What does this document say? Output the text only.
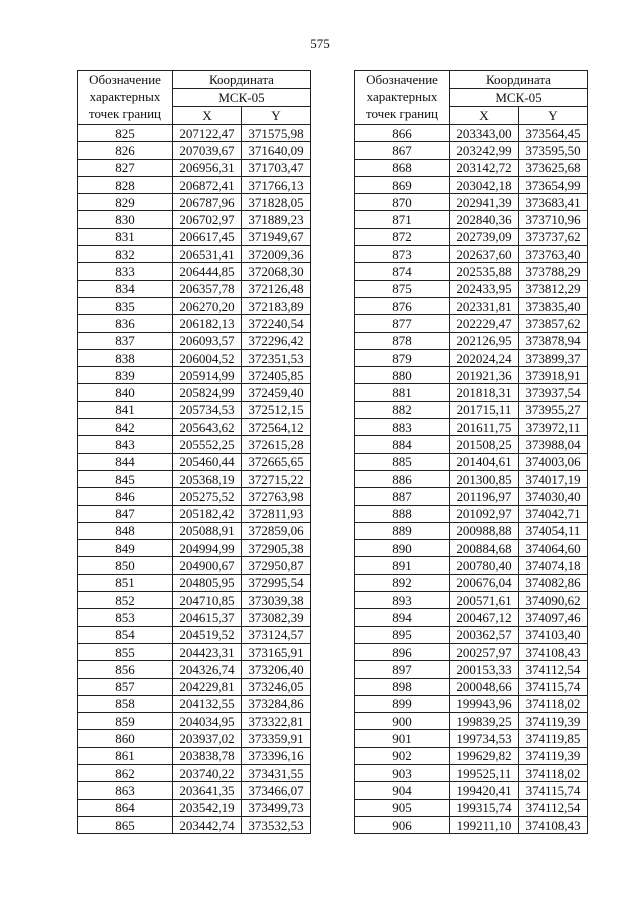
575
Обозначение
характерных
точек границ	Координата	
	МСК-05	
	X	Y
825	207122,47	371575,98
826	207039,67	371640,09
827	206956,31	371703,47
828	206872,41	371766,13
829	206787,96	371828,05
830	206702,97	371889,23
831	206617,45	371949,67
832	206531,41	372009,36
833	206444,85	372068,30
834	206357,78	372126,48
835	206270,20	372183,89
836	206182,13	372240,54
837	206093,57	372296,42
838	206004,52	372351,53
839	205914,99	372405,85
840	205824,99	372459,40
841	205734,53	372512,15
842	205643,62	372564,12
843	205552,25	372615,28
844	205460,44	372665,65
845	205368,19	372715,22
846	205275,52	372763,98
847	205182,42	372811,93
848	205088,91	372859,06
849	204994,99	372905,38
850	204900,67	372950,87
851	204805,95	372995,54
852	204710,85	373039,38
853	204615,37	373082,39
854	204519,52	373124,57
855	204423,31	373165,91
856	204326,74	373206,40
857	204229,81	373246,05
858	204132,55	373284,86
859	204034,95	373322,81
860	203937,02	373359,91
861	203838,78	373396,16
862	203740,22	373431,55
863	203641,35	373466,07
864	203542,19	373499,73
865	203442,74	373532,53
Обозначение
характерных
точек границ	Координата	
	МСК-05	
	X	Y
866	203343,00	373564,45
867	203242,99	373595,50
868	203142,72	373625,68
869	203042,18	373654,99
870	202941,39	373683,41
871	202840,36	373710,96
872	202739,09	373737,62
873	202637,60	373763,40
874	202535,88	373788,29
875	202433,95	373812,29
876	202331,81	373835,40
877	202229,47	373857,62
878	202126,95	373878,94
879	202024,24	373899,37
880	201921,36	373918,91
881	201818,31	373937,54
882	201715,11	373955,27
883	201611,75	373972,11
884	201508,25	373988,04
885	201404,61	374003,06
886	201300,85	374017,19
887	201196,97	374030,40
888	201092,97	374042,71
889	200988,88	374054,11
890	200884,68	374064,60
891	200780,40	374074,18
892	200676,04	374082,86
893	200571,61	374090,62
894	200467,12	374097,46
895	200362,57	374103,40
896	200257,97	374108,43
897	200153,33	374112,54
898	200048,66	374115,74
899	199943,96	374118,02
900	199839,25	374119,39
901	199734,53	374119,85
902	199629,82	374119,39
903	199525,11	374118,02
904	199420,41	374115,74
905	199315,74	374112,54
906	199211,10	374108,43
